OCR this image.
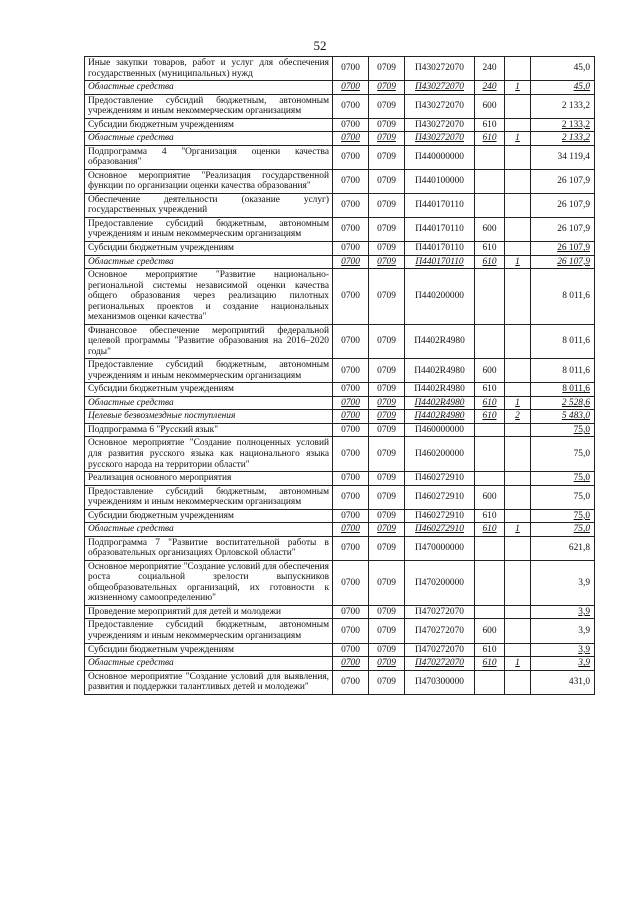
52
Иные закупки товаров, работ и услуг для обеспечения государственных (муниципальных) нужд	0700	0709	П430272070	240		45,0
Областные средства	0700	0709	П430272070	240	1	45,0
Предоставление субсидий бюджетным, автономным учреждениям и иным некоммерческим организациям	0700	0709	П430272070	600		2 133,2
Субсидии бюджетным учреждениям	0700	0709	П430272070	610		2 133,2
Областные средства	0700	0709	П430272070	610	1	2 133,2
Подпрограмма 4 "Организация оценки качества образования"	0700	0709	П440000000			34 119,4
Основное мероприятие "Реализация государственной функции по организации оценки качества образования"	0700	0709	П440100000			26 107,9
Обеспечение деятельности (оказание услуг) государственных учреждений	0700	0709	П440170110			26 107,9
Предоставление субсидий бюджетным, автономным учреждениям и иным некоммерческим организациям	0700	0709	П440170110	600		26 107,9
Субсидии бюджетным учреждениям	0700	0709	П440170110	610		26 107,9
Областные средства	0700	0709	П440170110	610	1	26 107,9
Основное мероприятие "Развитие национально-региональной системы независимой оценки качества общего образования через реализацию пилотных региональных проектов и создание национальных механизмов оценки качества"	0700	0709	П440200000			8 011,6
Финансовое обеспечение мероприятий федеральной целевой программы "Развитие образования на 2016–2020 годы"	0700	0709	П4402R4980			8 011,6
Предоставление субсидий бюджетным, автономным учреждениям и иным некоммерческим организациям	0700	0709	П4402R4980	600		8 011,6
Субсидии бюджетным учреждениям	0700	0709	П4402R4980	610		8 011,6
Областные средства	0700	0709	П4402R4980	610	1	2 528,6
Целевые безвозмездные поступления	0700	0709	П4402R4980	610	2	5 483,0
Подпрограмма 6 "Русский язык"	0700	0709	П460000000			75,0
Основное мероприятие "Создание полноценных условий для развития русского языка как национального языка русского народа на территории области"	0700	0709	П460200000			75,0
Реализация основного мероприятия	0700	0709	П460272910			75,0
Предоставление субсидий бюджетным, автономным учреждениям и иным некоммерческим организациям	0700	0709	П460272910	600		75,0
Субсидии бюджетным учреждениям	0700	0709	П460272910	610		75,0
Областные средства	0700	0709	П460272910	610	1	75,0
Подпрограмма 7 "Развитие воспитательной работы в образовательных организациях Орловской области"	0700	0709	П470000000			621,8
Основное мероприятие "Создание условий для обеспечения роста социальной зрелости выпускников общеобразовательных организаций, их готовности к жизненному самоопределению"	0700	0709	П470200000			3,9
Проведение мероприятий для детей и молодежи	0700	0709	П470272070			3,9
Предоставление субсидий бюджетным, автономным учреждениям и иным некоммерческим организациям	0700	0709	П470272070	600		3,9
Субсидии бюджетным учреждениям	0700	0709	П470272070	610		3,9
Областные средства	0700	0709	П470272070	610	1	3,9
Основное мероприятие "Создание условий для выявления, развития и поддержки талантливых детей и молодежи"	0700	0709	П470300000			431,0
